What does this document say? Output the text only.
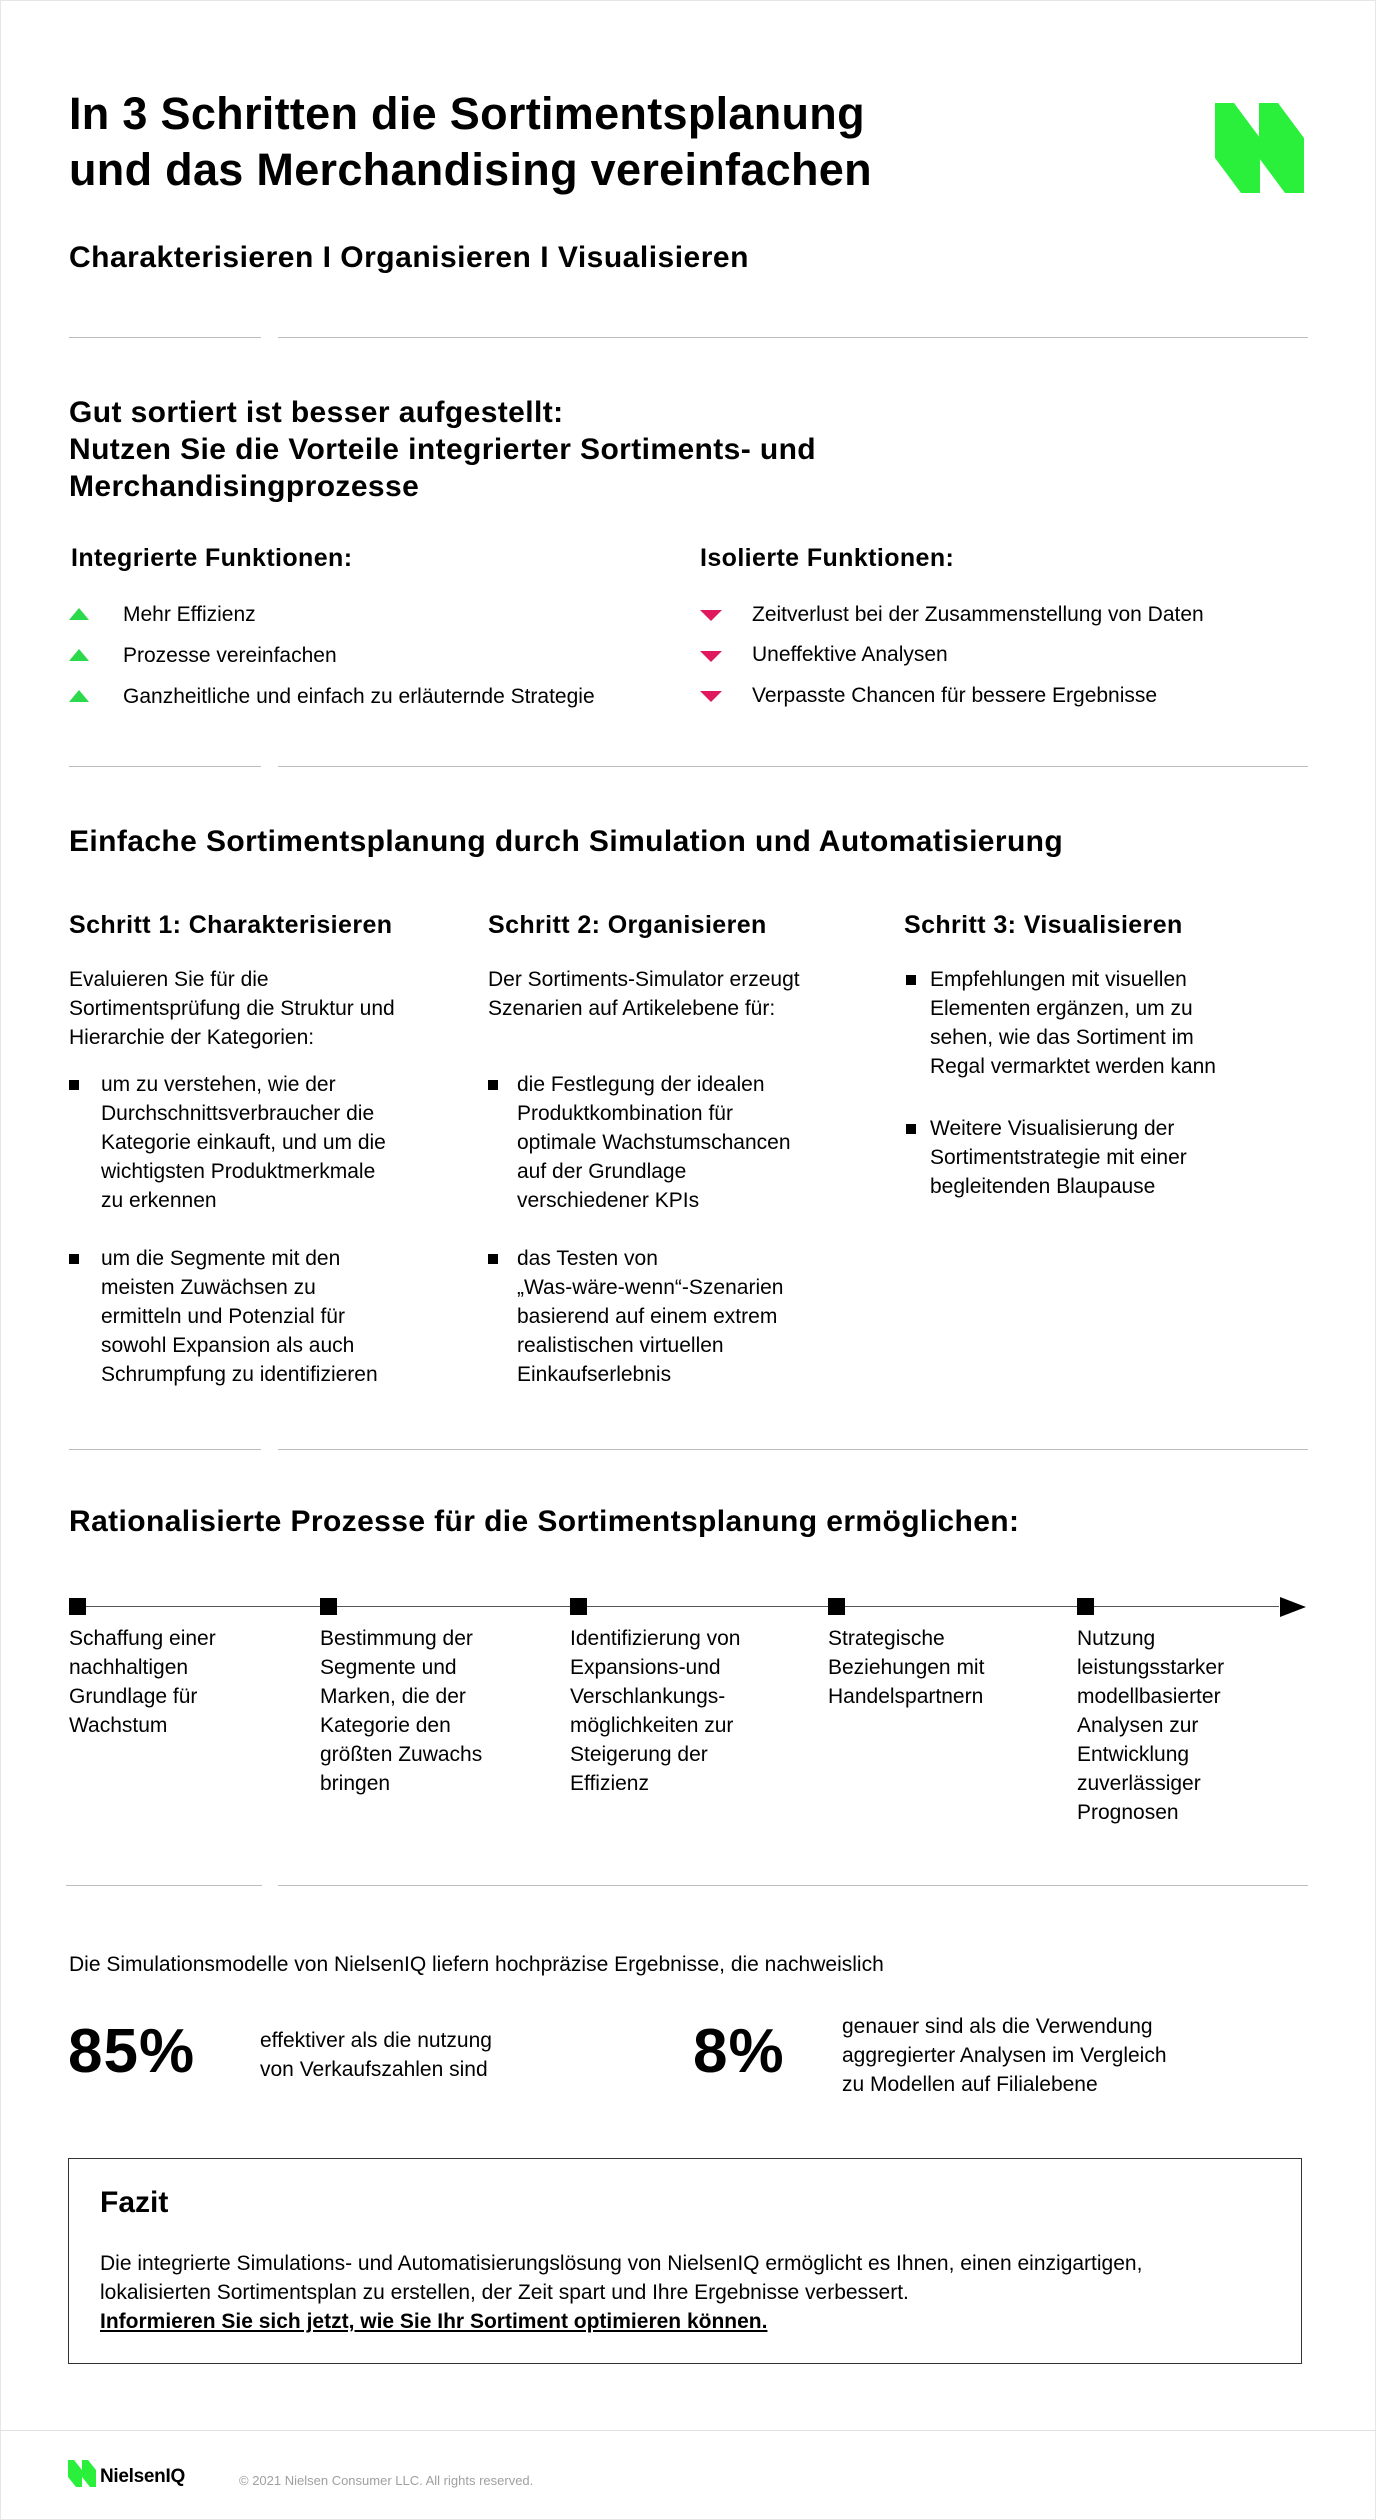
In 3 Schritten die Sortimentsplanung
und das Merchandising vereinfachen
Charakterisieren I Organisieren I Visualisieren
Gut sortiert ist besser aufgestellt:
Nutzen Sie die Vorteile integrierter Sortiments- und
Merchandisingprozesse
Integrierte Funktionen:	Isolierte Funktionen:
Mehr Effizienz
Prozesse vereinfachen
Ganzheitliche und einfach zu erläuternde Strategie
Zeitverlust bei der Zusammenstellung von Daten
Uneffektive Analysen
Verpasste Chancen für bessere Ergebnisse
Einfache Sortimentsplanung durch Simulation und Automatisierung
Schritt 1: Charakterisieren
Evaluieren Sie für die
Sortimentsprüfung die Struktur und
Hierarchie der Kategorien:
um zu verstehen, wie der
Durchschnittsverbraucher die
Kategorie einkauft, und um die
wichtigsten Produktmerkmale
zu erkennen
um die Segmente mit den
meisten Zuwächsen zu
ermitteln und Potenzial für
sowohl Expansion als auch
Schrumpfung zu identifizieren
Schritt 2: Organisieren
Der Sortiments-Simulator erzeugt
Szenarien auf Artikelebene für:
die Festlegung der idealen
Produktkombination für
optimale Wachstumschancen
auf der Grundlage
verschiedener KPIs
das Testen von
„Was-wäre-wenn“-Szenarien
basierend auf einem extrem
realistischen virtuellen
Einkaufserlebnis
Schritt 3: Visualisieren
Empfehlungen mit visuellen
Elementen ergänzen, um zu
sehen, wie das Sortiment im
Regal vermarktet werden kann
Weitere Visualisierung der
Sortimentstrategie mit einer
begleitenden Blaupause
Rationalisierte Prozesse für die Sortimentsplanung ermöglichen:
Schaffung einer
nachhaltigen
Grundlage für
Wachstum
Bestimmung der
Segmente und
Marken, die der
Kategorie den
größten Zuwachs
bringen
Identifizierung von
Expansions-und
Verschlankungs-
möglichkeiten zur
Steigerung der
Effizienz
Strategische
Beziehungen mit
Handelspartnern
Nutzung
leistungsstarker
modellbasierter
Analysen zur
Entwicklung
zuverlässiger
Prognosen
Die Simulationsmodelle von NielsenIQ liefern hochpräzise Ergebnisse, die nachweislich
85%	effektiver als die nutzung
von Verkaufszahlen sind	8%	genauer sind als die Verwendung
aggregierter Analysen im Vergleich
zu Modellen auf Filialebene
Fazit
Die integrierte Simulations- und Automatisierungslösung von NielsenIQ ermöglicht es Ihnen, einen einzigartigen,
lokalisierten Sortimentsplan zu erstellen, der Zeit spart und Ihre Ergebnisse verbessert.
Informieren Sie sich jetzt, wie Sie Ihr Sortiment optimieren können.
NielsenIQ	© 2021 Nielsen Consumer LLC. All rights reserved.
